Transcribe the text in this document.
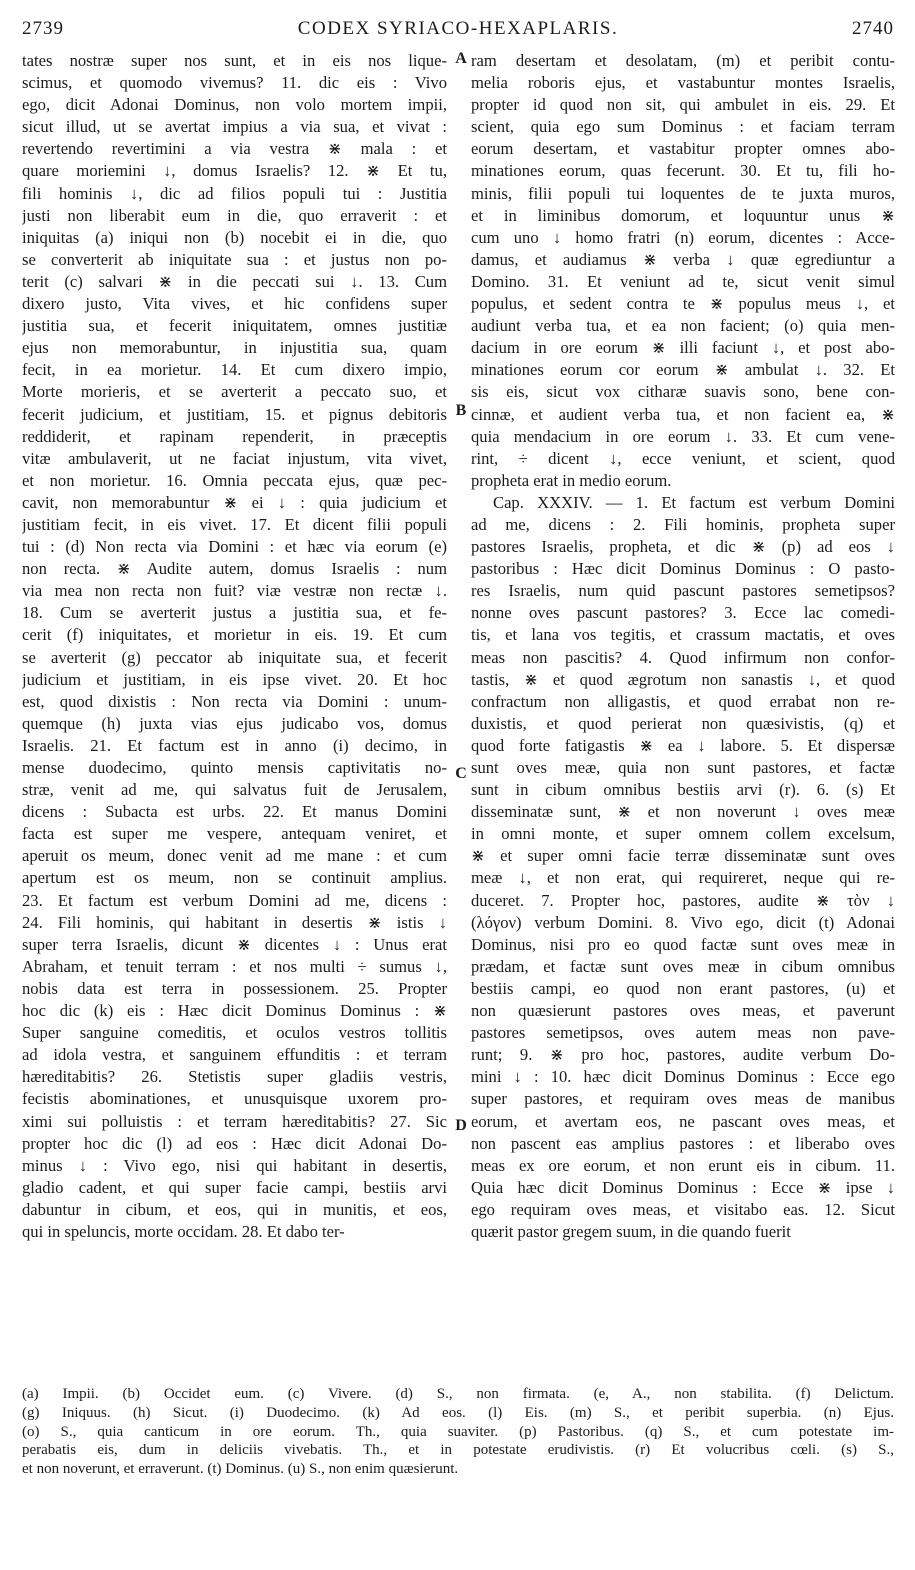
2739	CODEX SYRIACO-HEXAPLARIS.	2740
tates nostræ super nos sunt, et in eis nos lique-
scimus, et quomodo vivemus? 11. dic eis : Vivo
ego, dicit Adonai Dominus, non volo mortem impii,
sicut illud, ut se avertat impius a via sua, et vivat :
revertendo revertimini a via vestra ⋇ mala : et
quare moriemini ↓, domus Israelis? 12. ⋇ Et tu,
fili hominis ↓, dic ad filios populi tui : Justitia
justi non liberabit eum in die, quo erraverit : et
iniquitas (a) iniqui non (b) nocebit ei in die, quo
se converterit ab iniquitate sua : et justus non po-
terit (c) salvari ⋇ in die peccati sui ↓. 13. Cum
dixero justo, Vita vives, et hic confidens super
justitia sua, et fecerit iniquitatem, omnes justitiæ
ejus non memorabuntur, in injustitia sua, quam
fecit, in ea morietur. 14. Et cum dixero impio,
Morte morieris, et se averterit a peccato suo, et
fecerit judicium, et justitiam, 15. et pignus debitoris
reddiderit, et rapinam rependerit, in præceptis
vitæ ambulaverit, ut ne faciat injustum, vita vivet,
et non morietur. 16. Omnia peccata ejus, quæ pec-
cavit, non memorabuntur ⋇ ei ↓ : quia judicium et
justitiam fecit, in eis vivet. 17. Et dicent filii populi
tui : (d) Non recta via Domini : et hæc via eorum (e)
non recta. ⋇ Audite autem, domus Israelis : num
via mea non recta non fuit? viæ vestræ non rectæ ↓.
18. Cum se averterit justus a justitia sua, et fe-
cerit (f) iniquitates, et morietur in eis. 19. Et cum
se averterit (g) peccator ab iniquitate sua, et fecerit
judicium et justitiam, in eis ipse vivet. 20. Et hoc
est, quod dixistis : Non recta via Domini : unum-
quemque (h) juxta vias ejus judicabo vos, domus
Israelis. 21. Et factum est in anno (i) decimo, in
mense duodecimo, quinto mensis captivitatis no-
stræ, venit ad me, qui salvatus fuit de Jerusalem,
dicens : Subacta est urbs. 22. Et manus Domini
facta est super me vespere, antequam veniret, et
aperuit os meum, donec venit ad me mane : et cum
apertum est os meum, non se continuit amplius.
23. Et factum est verbum Domini ad me, dicens :
24. Fili hominis, qui habitant in desertis ⋇ istis ↓
super terra Israelis, dicunt ⋇ dicentes ↓ : Unus erat
Abraham, et tenuit terram : et nos multi ÷ sumus ↓,
nobis data est terra in possessionem. 25. Propter
hoc dic (k) eis : Hæc dicit Dominus Dominus : ⋇
Super sanguine comeditis, et oculos vestros tollitis
ad idola vestra, et sanguinem effunditis : et terram
hæreditabitis? 26. Stetistis super gladiis vestris,
fecistis abominationes, et unusquisque uxorem pro-
ximi sui polluistis : et terram hæreditabitis? 27. Sic
propter hoc dic (l) ad eos : Hæc dicit Adonai Do-
minus ↓ : Vivo ego, nisi qui habitant in desertis,
gladio cadent, et qui super facie campi, bestiis arvi
dabuntur in cibum, et eos, qui in munitis, et eos,
qui in speluncis, morte occidam. 28. Et dabo ter-
ram desertam et desolatam, (m) et peribit contu-
melia roboris ejus, et vastabuntur montes Israelis,
propter id quod non sit, qui ambulet in eis. 29. Et
scient, quia ego sum Dominus : et faciam terram
eorum desertam, et vastabitur propter omnes abo-
minationes eorum, quas fecerunt. 30. Et tu, fili ho-
minis, filii populi tui loquentes de te juxta muros,
et in liminibus domorum, et loquuntur unus ⋇
cum uno ↓ homo fratri (n) eorum, dicentes : Acce-
damus, et audiamus ⋇ verba ↓ quæ egrediuntur a
Domino. 31. Et veniunt ad te, sicut venit simul
populus, et sedent contra te ⋇ populus meus ↓, et
audiunt verba tua, et ea non facient; (o) quia men-
dacium in ore eorum ⋇ illi faciunt ↓, et post abo-
minationes eorum cor eorum ⋇ ambulat ↓. 32. Et
sis eis, sicut vox citharæ suavis sono, bene con-
cinnæ, et audient verba tua, et non facient ea, ⋇
quia mendacium in ore eorum ↓. 33. Et cum vene-
rint, ÷ dicent ↓, ecce veniunt, et scient, quod
propheta erat in medio eorum.
Cap. XXXIV. — 1. Et factum est verbum Domini
ad me, dicens : 2. Fili hominis, propheta super
pastores Israelis, propheta, et dic ⋇ (p) ad eos ↓
pastoribus : Hæc dicit Dominus Dominus : O pasto-
res Israelis, num quid pascunt pastores semetipsos?
nonne oves pascunt pastores? 3. Ecce lac comedi-
tis, et lana vos tegitis, et crassum mactatis, et oves
meas non pascitis? 4. Quod infirmum non confor-
tastis, ⋇ et quod ægrotum non sanastis ↓, et quod
confractum non alligastis, et quod errabat non re-
duxistis, et quod perierat non quæsivistis, (q) et
quod forte fatigastis ⋇ ea ↓ labore. 5. Et dispersæ
sunt oves meæ, quia non sunt pastores, et factæ
sunt in cibum omnibus bestiis arvi (r). 6. (s) Et
disseminatæ sunt, ⋇ et non noverunt ↓ oves meæ
in omni monte, et super omnem collem excelsum,
⋇ et super omni facie terræ disseminatæ sunt oves
meæ ↓, et non erat, qui requireret, neque qui re-
duceret. 7. Propter hoc, pastores, audite ⋇ τὸν ↓
(λόγον) verbum Domini. 8. Vivo ego, dicit (t) Adonai
Dominus, nisi pro eo quod factæ sunt oves meæ in
prædam, et factæ sunt oves meæ in cibum omnibus
bestiis campi, eo quod non erant pastores, (u) et
non quæsierunt pastores oves meas, et paverunt
pastores semetipsos, oves autem meas non pave-
runt; 9. ⋇ pro hoc, pastores, audite verbum Do-
mini ↓ : 10. hæc dicit Dominus Dominus : Ecce ego
super pastores, et requiram oves meas de manibus
eorum, et avertam eos, ne pascant oves meas, et
non pascent eas amplius pastores : et liberabo oves
meas ex ore eorum, et non erunt eis in cibum. 11.
Quia hæc dicit Dominus Dominus : Ecce ⋇ ipse ↓
ego requiram oves meas, et visitabo eas. 12. Sicut
quærit pastor gregem suum, in die quando fuerit
A
B
C
D
(a) Impii. (b) Occidet eum. (c) Vivere. (d) S., non firmata. (e, A., non stabilita. (f) Delictum.
(g) Iniquus. (h) Sicut. (i) Duodecimo. (k) Ad eos. (l) Eis. (m) S., et peribit superbia. (n) Ejus.
(o) S., quia canticum in ore eorum. Th., quia suaviter. (p) Pastoribus. (q) S., et cum potestate im-
perabatis eis, dum in deliciis vivebatis. Th., et in potestate erudivistis. (r) Et volucribus cœli. (s) S.,
et non noverunt, et erraverunt. (t) Dominus. (u) S., non enim quæsierunt.
